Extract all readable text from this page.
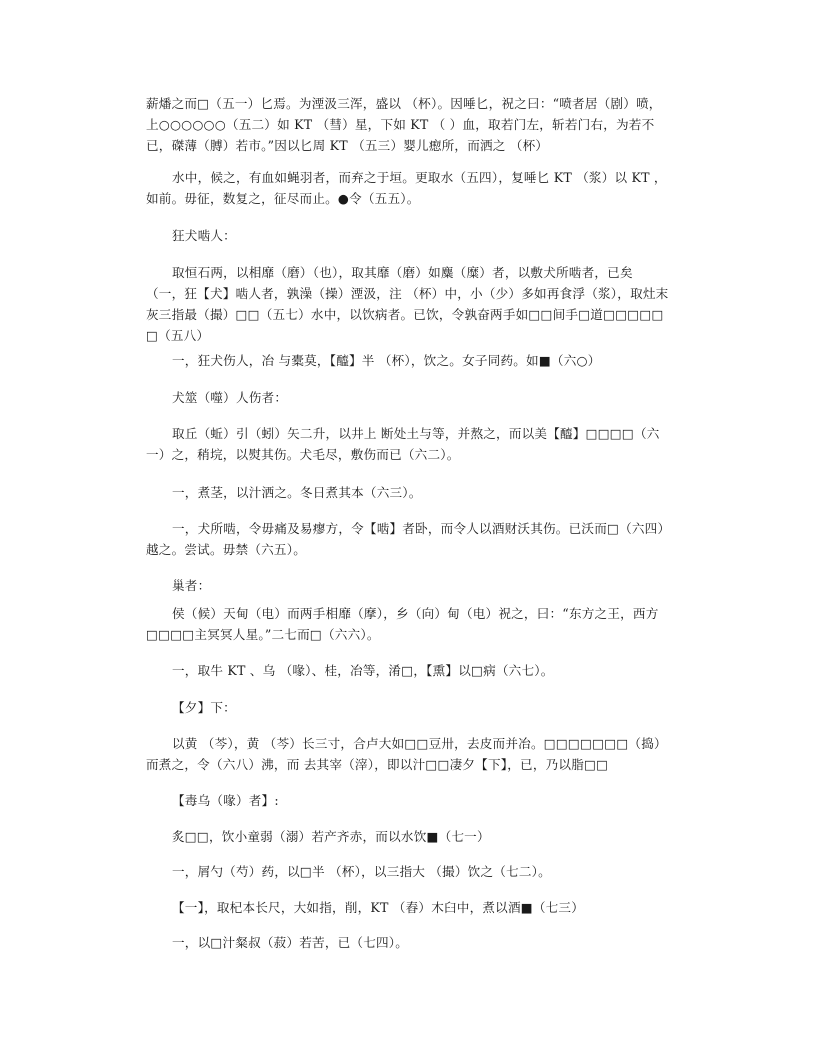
薪燔之而□（五一）匕焉。为湮汲三浑，盛以 （杯）。因唾匕，祝之曰：“喷者居（剧）喷，上○○○○○○（五二）如 KT （彗）星，下如 KT （ ）血，取若门左，斩若门右，为若不已，磔薄（膊）若市。”因以匕周 KT （五三）婴儿瘛所，而洒之 （杯）

水中，候之，有血如蝇羽者，而弃之于垣。更取水（五四），复唾匕 KT （浆）以 KT ，如前。毋征，数复之，征尽而止。●令（五五）。

狂犬啮人：

取恒石两，以相靡（磨）（也），取其靡（磨）如麋（糜）者，以敷犬所啮者，已矣（一，狂【犬】啮人者，孰澡（操）湮汲，注 （杯）中，小（少）多如再食浮（浆），取灶末灰三指最（撮）□□（五七）水中，以饮病者。已饮，令孰奋两手如□□间手□道□□□□□□（五八）

一，狂犬伤人，冶 与橐莫，【醯】半 （杯），饮之。女子同药。如■（六○）

犬筮（噬）人伤者：

取丘（蚯）引（蚓）矢二升，以井上 断处土与等，并熬之，而以美【醯】□□□□（六一）之，稍垸，以熨其伤。犬毛尽，敷伤而已（六二）。

一，煮茎，以汁洒之。冬日煮其本（六三）。

一，犬所啮，令毋痛及易瘳方，令【啮】者卧，而令人以酒财沃其伤。已沃而□（六四）越之。尝试。毋禁（六五）。

巢者：

侯（候）天甸（电）而两手相靡（摩），乡（向）甸（电）祝之，曰：“东方之王，西方□□□□主冥冥人星。”二七而□（六六）。

一，取牛 KT 、乌 （喙）、桂，冶等，淆□，【熏】以□病（六七）。

【夕】下：

以黄 （芩），黄 （芩）长三寸，合卢大如□□豆卅，去皮而并冶。□□□□□□□（捣）而煮之，令（六八）沸，而 去其宰（滓），即以汁□□凄夕【下】，已，乃以脂□□

【毒乌（喙）者】:

炙□□，饮小童弱（溺）若产齐赤，而以水饮■（七一）

一，屑勺（芍）药，以□半 （杯），以三指大 （撮）饮之（七二）。

【一】，取杞本长尺，大如指，削，KT （舂）木臼中，煮以酒■（七三）

一，以□汁粲叔（菽）若苦，已（七四）。
